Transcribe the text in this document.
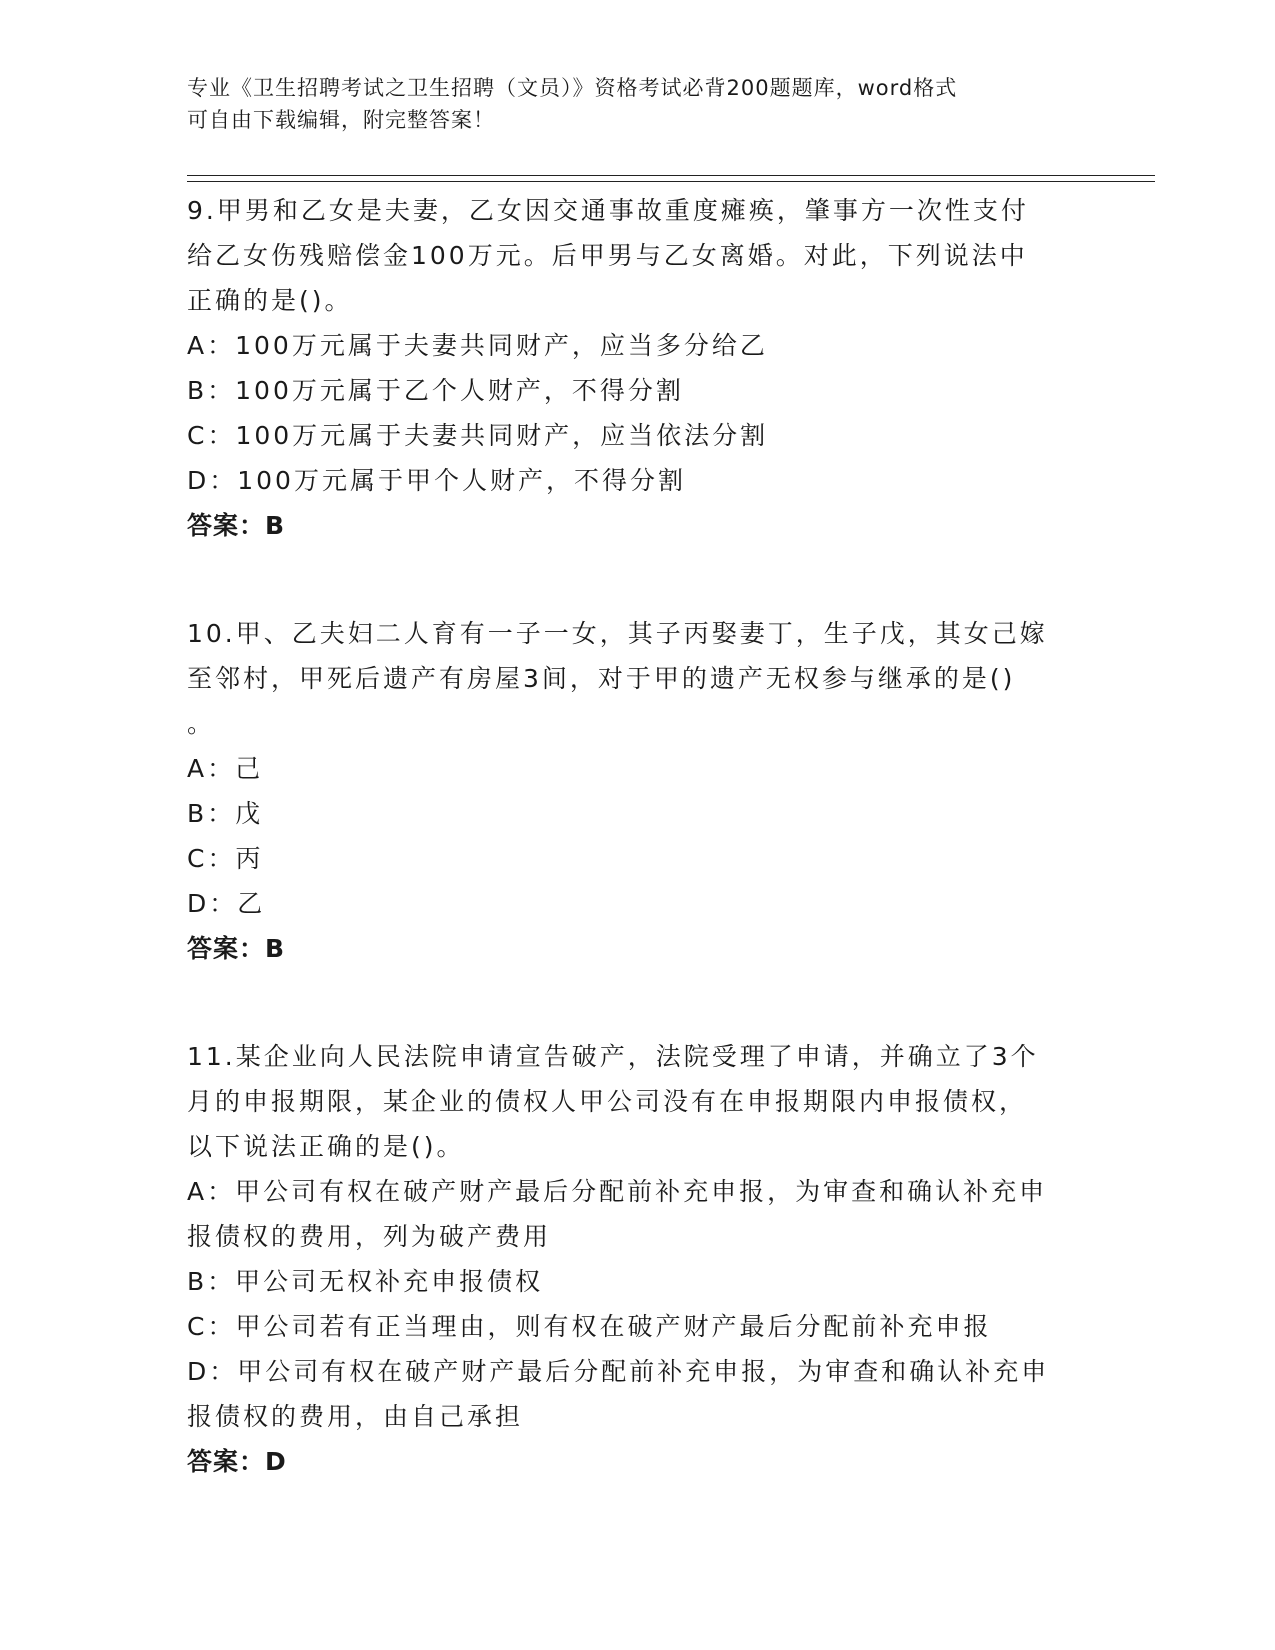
专业《卫生招聘考试之卫生招聘（文员）》资格考试必背200题题库，word格式
可自由下载编辑，附完整答案！
9.甲男和乙女是夫妻，乙女因交通事故重度瘫痪，肇事方一次性支付
给乙女伤残赔偿金100万元。后甲男与乙女离婚。对此，下列说法中
正确的是()。
A：100万元属于夫妻共同财产，应当多分给乙
B：100万元属于乙个人财产，不得分割
C：100万元属于夫妻共同财产，应当依法分割
D：100万元属于甲个人财产，不得分割
答案：B
10.甲、乙夫妇二人育有一子一女，其子丙娶妻丁，生子戊，其女己嫁
至邻村，甲死后遗产有房屋3间，对于甲的遗产无权参与继承的是()
。
A：己
B：戊
C：丙
D：乙
答案：B
11.某企业向人民法院申请宣告破产，法院受理了申请，并确立了3个
月的申报期限，某企业的债权人甲公司没有在申报期限内申报债权，
以下说法正确的是()。
A：甲公司有权在破产财产最后分配前补充申报，为审查和确认补充申
报债权的费用，列为破产费用
B：甲公司无权补充申报债权
C：甲公司若有正当理由，则有权在破产财产最后分配前补充申报
D：甲公司有权在破产财产最后分配前补充申报，为审查和确认补充申
报债权的费用，由自己承担
答案：D
